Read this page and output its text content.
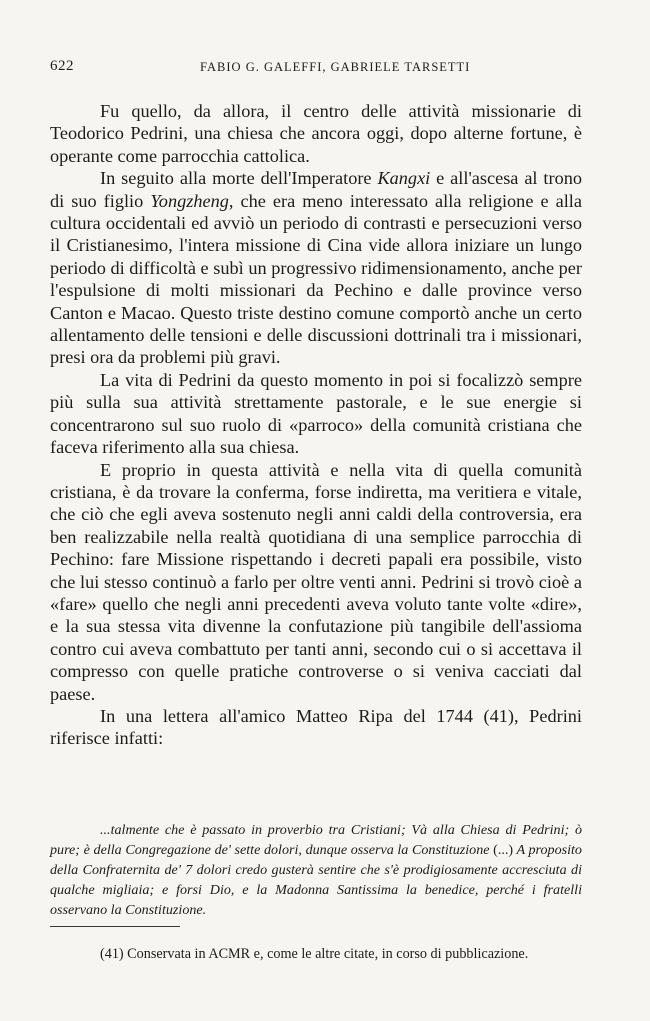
622	FABIO G. GALEFFI, GABRIELE TARSETTI

Fu quello, da allora, il centro delle attività missionarie di Teodorico Pedrini, una chiesa che ancora oggi, dopo alterne fortune, è operante come parrocchia cattolica.

In seguito alla morte dell'Imperatore Kangxi e all'ascesa al trono di suo figlio Yongzheng, che era meno interessato alla religione e alla cultura occidentali ed avviò un periodo di contrasti e persecuzioni verso il Cristianesimo, l'intera missione di Cina vide allora iniziare un lungo periodo di difficoltà e subì un progressivo ridimensionamento, anche per l'espulsione di molti missionari da Pechino e dalle province verso Canton e Macao. Questo triste destino comune comportò anche un certo allentamento delle tensioni e delle discussioni dottrinali tra i missionari, presi ora da problemi più gravi.

La vita di Pedrini da questo momento in poi si focalizzò sempre più sulla sua attività strettamente pastorale, e le sue energie si concentrarono sul suo ruolo di «parroco» della comunità cristiana che faceva riferimento alla sua chiesa.

E proprio in questa attività e nella vita di quella comunità cristiana, è da trovare la conferma, forse indiretta, ma veritiera e vitale, che ciò che egli aveva sostenuto negli anni caldi della controversia, era ben realizzabile nella realtà quotidiana di una semplice parrocchia di Pechino: fare Missione rispettando i decreti papali era possibile, visto che lui stesso continuò a farlo per oltre venti anni. Pedrini si trovò cioè a «fare» quello che negli anni precedenti aveva voluto tante volte «dire», e la sua stessa vita divenne la confutazione più tangibile dell'assioma contro cui aveva combattuto per tanti anni, secondo cui o si accettava il compresso con quelle pratiche controverse o si veniva cacciati dal paese.

In una lettera all'amico Matteo Ripa del 1744 (41), Pedrini riferisce infatti:

...talmente che è passato in proverbio tra Cristiani; Và alla Chiesa di Pedrini; ò pure; è della Congregazione de' sette dolori, dunque osserva la Constituzione (...) A proposito della Confraternita de' 7 dolori credo gusterà sentire che s'è prodigiosamente accresciuta di qualche migliaia; e forsi Dio, e la Madonna Santissima la benedice, perché i fratelli osservano la Constituzione.

(41) Conservata in ACMR e, come le altre citate, in corso di pubblicazione.
